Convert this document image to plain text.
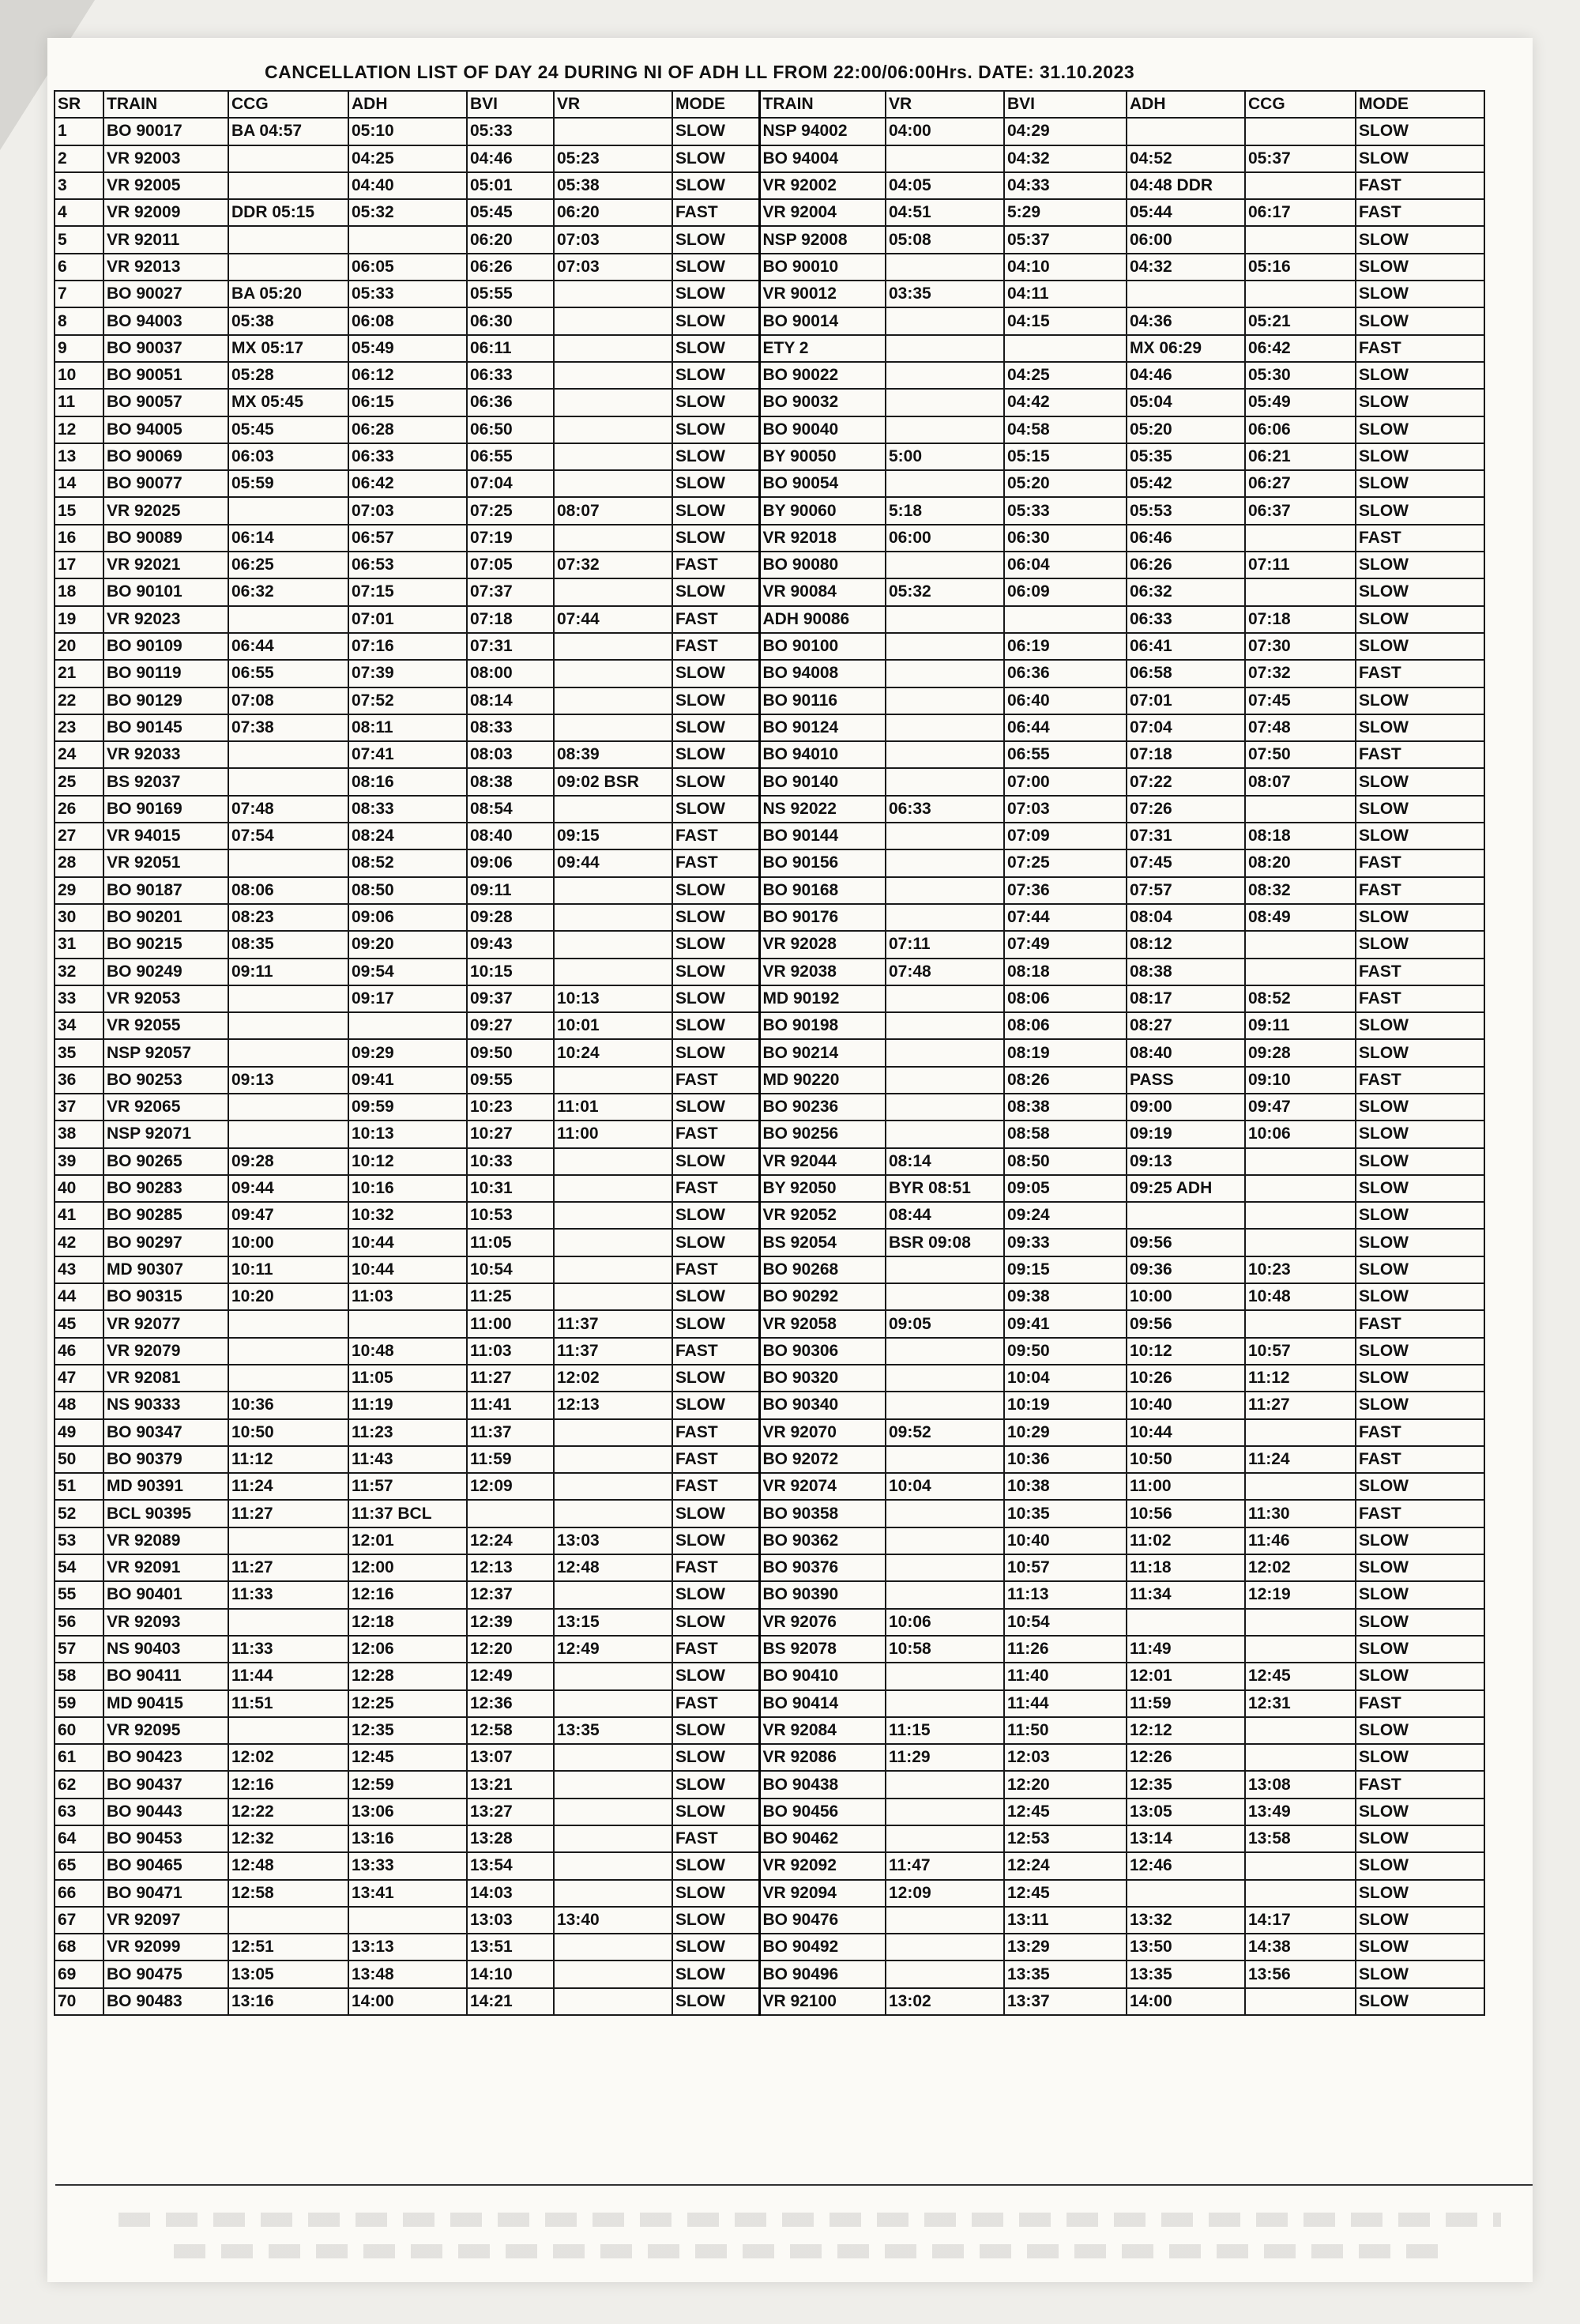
CANCELLATION LIST OF DAY 24 DURING NI OF ADH LL FROM 22:00/06:00Hrs. DATE: 31.10.2023
SR	TRAIN	CCG	ADH	BVI	VR	MODE	TRAIN	VR	BVI	ADH	CCG	MODE
1	BO 90017	BA 04:57	05:10	05:33		SLOW	NSP 94002	04:00	04:29			SLOW
2	VR 92003		04:25	04:46	05:23	SLOW	BO 94004		04:32	04:52	05:37	SLOW
3	VR 92005		04:40	05:01	05:38	SLOW	VR 92002	04:05	04:33	04:48 DDR		FAST
4	VR 92009	DDR 05:15	05:32	05:45	06:20	FAST	VR 92004	04:51	5:29	05:44	06:17	FAST
5	VR 92011			06:20	07:03	SLOW	NSP 92008	05:08	05:37	06:00		SLOW
6	VR 92013		06:05	06:26	07:03	SLOW	BO 90010		04:10	04:32	05:16	SLOW
7	BO 90027	BA 05:20	05:33	05:55		SLOW	VR 90012	03:35	04:11			SLOW
8	BO 94003	05:38	06:08	06:30		SLOW	BO 90014		04:15	04:36	05:21	SLOW
9	BO 90037	MX 05:17	05:49	06:11		SLOW	ETY 2			MX 06:29	06:42	FAST
10	BO 90051	05:28	06:12	06:33		SLOW	BO 90022		04:25	04:46	05:30	SLOW
11	BO 90057	MX 05:45	06:15	06:36		SLOW	BO 90032		04:42	05:04	05:49	SLOW
12	BO 94005	05:45	06:28	06:50		SLOW	BO 90040		04:58	05:20	06:06	SLOW
13	BO 90069	06:03	06:33	06:55		SLOW	BY 90050	5:00	05:15	05:35	06:21	SLOW
14	BO 90077	05:59	06:42	07:04		SLOW	BO 90054		05:20	05:42	06:27	SLOW
15	VR 92025		07:03	07:25	08:07	SLOW	BY 90060	5:18	05:33	05:53	06:37	SLOW
16	BO 90089	06:14	06:57	07:19		SLOW	VR 92018	06:00	06:30	06:46		FAST
17	VR 92021	06:25	06:53	07:05	07:32	FAST	BO 90080		06:04	06:26	07:11	SLOW
18	BO 90101	06:32	07:15	07:37		SLOW	VR 90084	05:32	06:09	06:32		SLOW
19	VR 92023		07:01	07:18	07:44	FAST	ADH 90086			06:33	07:18	SLOW
20	BO 90109	06:44	07:16	07:31		FAST	BO 90100		06:19	06:41	07:30	SLOW
21	BO 90119	06:55	07:39	08:00		SLOW	BO 94008		06:36	06:58	07:32	FAST
22	BO 90129	07:08	07:52	08:14		SLOW	BO 90116		06:40	07:01	07:45	SLOW
23	BO 90145	07:38	08:11	08:33		SLOW	BO 90124		06:44	07:04	07:48	SLOW
24	VR 92033		07:41	08:03	08:39	SLOW	BO 94010		06:55	07:18	07:50	FAST
25	BS 92037		08:16	08:38	09:02 BSR	SLOW	BO 90140		07:00	07:22	08:07	SLOW
26	BO 90169	07:48	08:33	08:54		SLOW	NS 92022	06:33	07:03	07:26		SLOW
27	VR 94015	07:54	08:24	08:40	09:15	FAST	BO 90144		07:09	07:31	08:18	SLOW
28	VR 92051		08:52	09:06	09:44	FAST	BO 90156		07:25	07:45	08:20	FAST
29	BO 90187	08:06	08:50	09:11		SLOW	BO 90168		07:36	07:57	08:32	FAST
30	BO 90201	08:23	09:06	09:28		SLOW	BO 90176		07:44	08:04	08:49	SLOW
31	BO 90215	08:35	09:20	09:43		SLOW	VR 92028	07:11	07:49	08:12		SLOW
32	BO 90249	09:11	09:54	10:15		SLOW	VR 92038	07:48	08:18	08:38		FAST
33	VR 92053		09:17	09:37	10:13	SLOW	MD 90192		08:06	08:17	08:52	FAST
34	VR 92055			09:27	10:01	SLOW	BO 90198		08:06	08:27	09:11	SLOW
35	NSP 92057		09:29	09:50	10:24	SLOW	BO 90214		08:19	08:40	09:28	SLOW
36	BO 90253	09:13	09:41	09:55		FAST	MD 90220		08:26	PASS	09:10	FAST
37	VR 92065		09:59	10:23	11:01	SLOW	BO 90236		08:38	09:00	09:47	SLOW
38	NSP 92071		10:13	10:27	11:00	FAST	BO 90256		08:58	09:19	10:06	SLOW
39	BO 90265	09:28	10:12	10:33		SLOW	VR 92044	08:14	08:50	09:13		SLOW
40	BO 90283	09:44	10:16	10:31		FAST	BY 92050	BYR 08:51	09:05	09:25 ADH		SLOW
41	BO 90285	09:47	10:32	10:53		SLOW	VR 92052	08:44	09:24			SLOW
42	BO 90297	10:00	10:44	11:05		SLOW	BS 92054	BSR 09:08	09:33	09:56		SLOW
43	MD 90307	10:11	10:44	10:54		FAST	BO 90268		09:15	09:36	10:23	SLOW
44	BO 90315	10:20	11:03	11:25		SLOW	BO 90292		09:38	10:00	10:48	SLOW
45	VR 92077			11:00	11:37	SLOW	VR 92058	09:05	09:41	09:56		FAST
46	VR 92079		10:48	11:03	11:37	FAST	BO 90306		09:50	10:12	10:57	SLOW
47	VR 92081		11:05	11:27	12:02	SLOW	BO 90320		10:04	10:26	11:12	SLOW
48	NS 90333	10:36	11:19	11:41	12:13	SLOW	BO 90340		10:19	10:40	11:27	SLOW
49	BO 90347	10:50	11:23	11:37		FAST	VR 92070	09:52	10:29	10:44		FAST
50	BO 90379	11:12	11:43	11:59		FAST	BO 92072		10:36	10:50	11:24	FAST
51	MD 90391	11:24	11:57	12:09		FAST	VR 92074	10:04	10:38	11:00		SLOW
52	BCL 90395	11:27	11:37 BCL			SLOW	BO 90358		10:35	10:56	11:30	FAST
53	VR 92089		12:01	12:24	13:03	SLOW	BO 90362		10:40	11:02	11:46	SLOW
54	VR 92091	11:27	12:00	12:13	12:48	FAST	BO 90376		10:57	11:18	12:02	SLOW
55	BO 90401	11:33	12:16	12:37		SLOW	BO 90390		11:13	11:34	12:19	SLOW
56	VR 92093		12:18	12:39	13:15	SLOW	VR 92076	10:06	10:54			SLOW
57	NS 90403	11:33	12:06	12:20	12:49	FAST	BS 92078	10:58	11:26	11:49		SLOW
58	BO 90411	11:44	12:28	12:49		SLOW	BO 90410		11:40	12:01	12:45	SLOW
59	MD 90415	11:51	12:25	12:36		FAST	BO 90414		11:44	11:59	12:31	FAST
60	VR 92095		12:35	12:58	13:35	SLOW	VR 92084	11:15	11:50	12:12		SLOW
61	BO 90423	12:02	12:45	13:07		SLOW	VR 92086	11:29	12:03	12:26		SLOW
62	BO 90437	12:16	12:59	13:21		SLOW	BO 90438		12:20	12:35	13:08	FAST
63	BO 90443	12:22	13:06	13:27		SLOW	BO 90456		12:45	13:05	13:49	SLOW
64	BO 90453	12:32	13:16	13:28		FAST	BO 90462		12:53	13:14	13:58	SLOW
65	BO 90465	12:48	13:33	13:54		SLOW	VR 92092	11:47	12:24	12:46		SLOW
66	BO 90471	12:58	13:41	14:03		SLOW	VR 92094	12:09	12:45			SLOW
67	VR 92097			13:03	13:40	SLOW	BO 90476		13:11	13:32	14:17	SLOW
68	VR 92099	12:51	13:13	13:51		SLOW	BO 90492		13:29	13:50	14:38	SLOW
69	BO 90475	13:05	13:48	14:10		SLOW	BO 90496		13:35	13:35	13:56	SLOW
70	BO 90483	13:16	14:00	14:21		SLOW	VR 92100	13:02	13:37	14:00		SLOW
